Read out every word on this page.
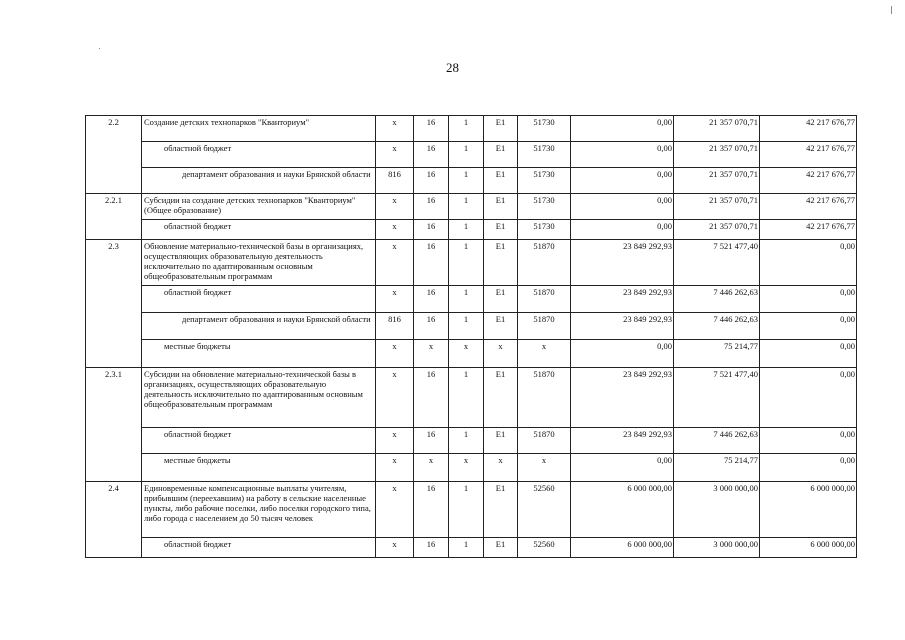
28
2.2	Создание детских технопарков "Кванториум"	x	16	1	E1	51730	0,00	21 357 070,71	42 217 676,77
	областной бюджет	x	16	1	E1	51730	0,00	21 357 070,71	42 217 676,77
	департамент образования и науки Брянской области	816	16	1	E1	51730	0,00	21 357 070,71	42 217 676,77
2.2.1	Субсидии на создание детских технопарков "Кванториум" (Общее образование)	x	16	1	E1	51730	0,00	21 357 070,71	42 217 676,77
	областной бюджет	x	16	1	E1	51730	0,00	21 357 070,71	42 217 676,77
2.3	Обновление материально-технической базы в организациях, осуществляющих образовательную деятельность исключительно по адаптированным основным общеобразовательным программам	x	16	1	E1	51870	23 849 292,93	7 521 477,40	0,00
	областной бюджет	x	16	1	E1	51870	23 849 292,93	7 446 262,63	0,00
	департамент образования и науки Брянской области	816	16	1	E1	51870	23 849 292,93	7 446 262,63	0,00
	местные бюджеты	x	x	x	x	x	0,00	75 214,77	0,00
2.3.1	Субсидии на обновление материально-технической базы в организациях, осуществляющих образовательную деятельность исключительно по адаптированным основным общеобразовательным программам	x	16	1	E1	51870	23 849 292,93	7 521 477,40	0,00
	областной бюджет	x	16	1	E1	51870	23 849 292,93	7 446 262,63	0,00
	местные бюджеты	x	x	x	x	x	0,00	75 214,77	0,00
2.4	Единовременные компенсационные выплаты учителям, прибывшим (переехавшим) на работу в сельские населенные пункты, либо рабочие поселки, либо поселки городского типа, либо города с населением до 50 тысяч человек	x	16	1	E1	52560	6 000 000,00	3 000 000,00	6 000 000,00
	областной бюджет	x	16	1	E1	52560	6 000 000,00	3 000 000,00	6 000 000,00
